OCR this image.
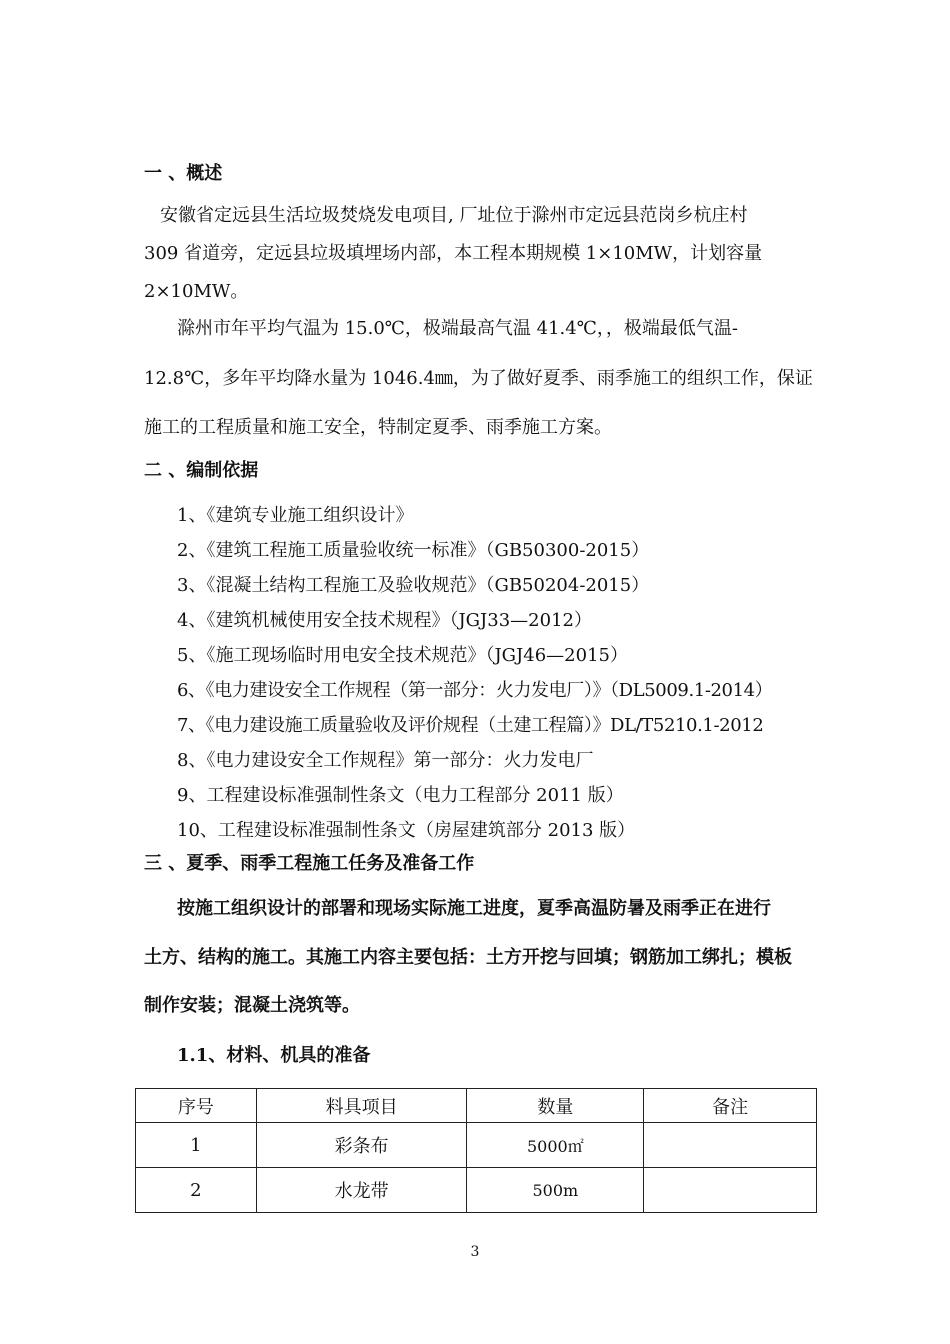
一 、概述
安徽省定远县生活垃圾焚烧发电项目, 厂址位于滁州市定远县范岗乡杭庄村
309 省道旁，定远县垃圾填埋场内部，本工程本期规模 1×10MW，计划容量
2×10MW。
滁州市年平均气温为 15.0℃，极端最高气温 41.4℃，，极端最低气温-
12.8℃，多年平均降水量为 1046.4㎜，为了做好夏季、雨季施工的组织工作，保证
施工的工程质量和施工安全，特制定夏季、雨季施工方案。
二 、编制依据
1、《建筑专业施工组织设计》
2、《建筑工程施工质量验收统一标准》（GB50300-2015）
3、《混凝土结构工程施工及验收规范》（GB50204-2015）
4、《建筑机械使用安全技术规程》（JGJ33—2012）
5、《施工现场临时用电安全技术规范》（JGJ46—2015）
6、《电力建设安全工作规程（第一部分：火力发电厂）》（DL5009.1-2014）
7、《电力建设施工质量验收及评价规程（土建工程篇）》DL/T5210.1-2012
8、《电力建设安全工作规程》第一部分：火力发电厂
9、工程建设标准强制性条文（电力工程部分 2011 版）
10、工程建设标准强制性条文（房屋建筑部分 2013 版）
三 、夏季、雨季工程施工任务及准备工作
按施工组织设计的部署和现场实际施工进度，夏季高温防暑及雨季正在进行
土方、结构的施工。其施工内容主要包括：土方开挖与回填；钢筋加工绑扎；模板
制作安装；混凝土浇筑等。
1.1、材料、机具的准备
序号	料具项目	数量	备注
1	彩条布	5000㎡	
2	水龙带	500m	
3
